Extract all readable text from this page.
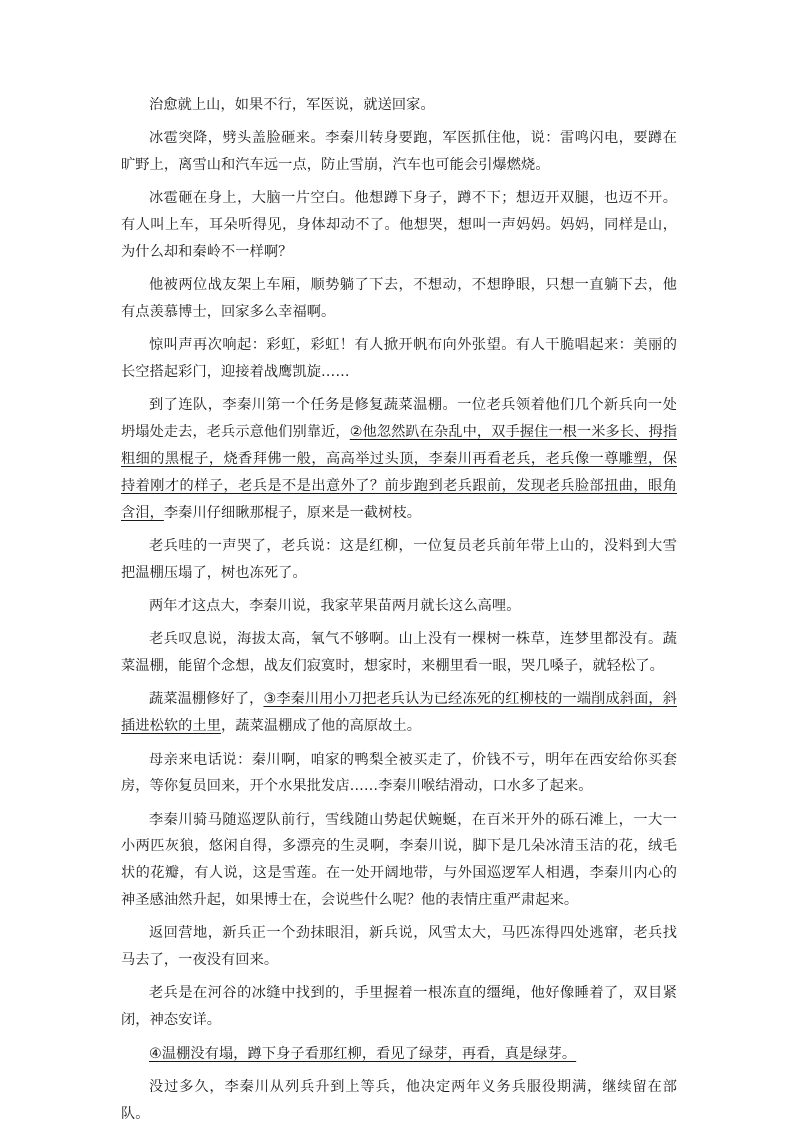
治愈就上山，如果不行，军医说，就送回家。

冰雹突降，劈头盖脸砸来。李秦川转身要跑，军医抓住他，说：雷鸣闪电，要蹲在旷野上，离雪山和汽车远一点，防止雪崩，汽车也可能会引爆燃烧。

冰雹砸在身上，大脑一片空白。他想蹲下身子，蹲不下；想迈开双腿，也迈不开。有人叫上车，耳朵听得见，身体却动不了。他想哭，想叫一声妈妈。妈妈，同样是山，为什么却和秦岭不一样啊？

他被两位战友架上车厢，顺势躺了下去，不想动，不想睁眼，只想一直躺下去，他有点羡慕博士，回家多么幸福啊。

惊叫声再次响起：彩虹，彩虹！有人掀开帆布向外张望。有人干脆唱起来：美丽的长空搭起彩门，迎接着战鹰凯旋……

到了连队，李秦川第一个任务是修复蔬菜温棚。一位老兵领着他们几个新兵向一处坍塌处走去，老兵示意他们别靠近，②他忽然趴在杂乱中，双手握住一根一米多长、拇指粗细的黑棍子，烧香拜佛一般，高高举过头顶，李秦川再看老兵，老兵像一尊雕塑，保持着刚才的样子，老兵是不是出意外了？前步跑到老兵跟前，发现老兵脸部扭曲，眼角含泪，李秦川仔细瞅那棍子，原来是一截树枝。

老兵哇的一声哭了，老兵说：这是红柳，一位复员老兵前年带上山的，没料到大雪把温棚压塌了，树也冻死了。

两年才这点大，李秦川说，我家苹果苗两月就长这么高哩。

老兵叹息说，海拔太高，氧气不够啊。山上没有一棵树一株草，连梦里都没有。蔬菜温棚，能留个念想，战友们寂寞时，想家时，来棚里看一眼，哭几嗓子，就轻松了。

蔬菜温棚修好了，③李秦川用小刀把老兵认为已经冻死的红柳枝的一端削成斜面，斜插进松软的土里，蔬菜温棚成了他的高原故土。

母亲来电话说：秦川啊，咱家的鸭梨全被买走了，价钱不亏，明年在西安给你买套房，等你复员回来，开个水果批发店……李秦川喉结滑动，口水多了起来。

李秦川骑马随巡逻队前行，雪线随山势起伏蜿蜒，在百米开外的砾石滩上，一大一小两匹灰狼，悠闲自得，多漂亮的生灵啊，李秦川说，脚下是几朵冰清玉洁的花，绒毛状的花瓣，有人说，这是雪莲。在一处开阔地带，与外国巡逻军人相遇，李秦川内心的神圣感油然升起，如果博士在，会说些什么呢？他的表情庄重严肃起来。

返回营地，新兵正一个劲抹眼泪，新兵说，风雪太大，马匹冻得四处逃窜，老兵找马去了，一夜没有回来。

老兵是在河谷的冰缝中找到的，手里握着一根冻直的缰绳，他好像睡着了，双目紧闭，神态安详。

④温棚没有塌，蹲下身子看那红柳，看见了绿芽，再看，真是绿芽。

没过多久，李秦川从列兵升到上等兵，他决定两年义务兵服役期满，继续留在部队。
